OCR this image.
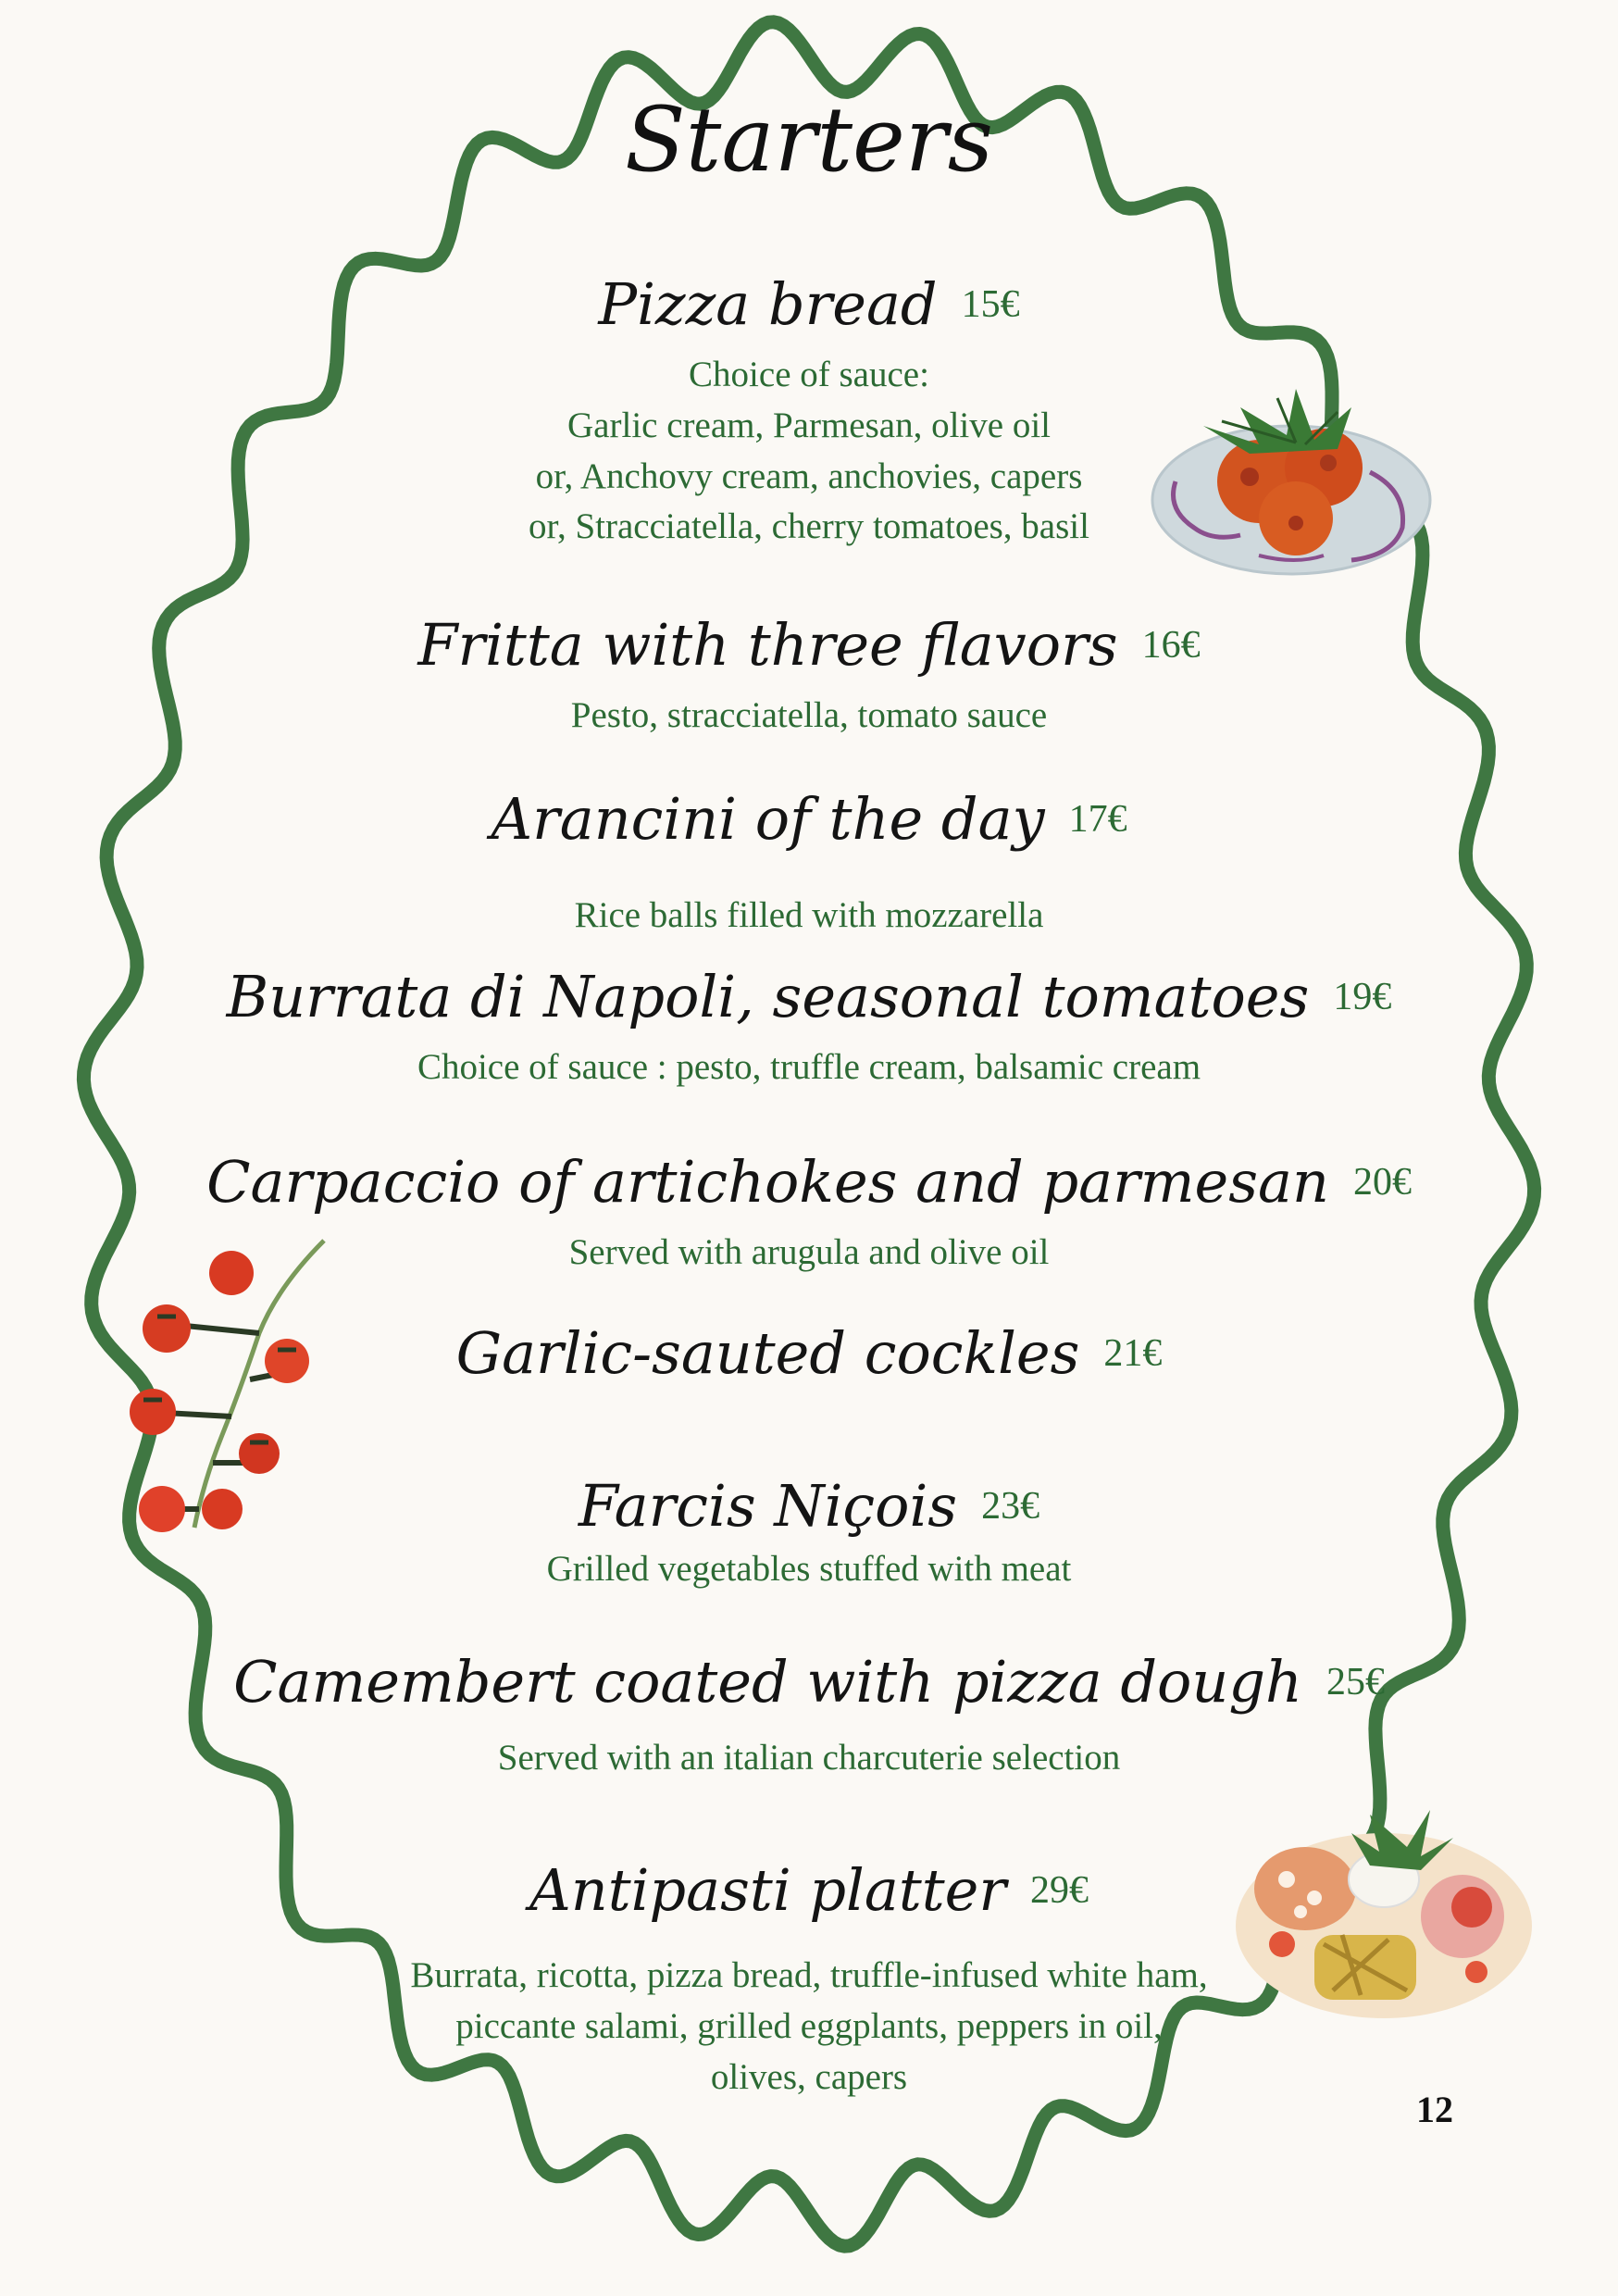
Starters
Pizza bread 15€
Choice of sauce:
Garlic cream, Parmesan, olive oil
or, Anchovy cream, anchovies, capers
or, Stracciatella, cherry tomatoes, basil
Fritta with three flavors 16€
Pesto, stracciatella, tomato sauce
Arancini of the day 17€
Rice balls filled with mozzarella
Burrata di Napoli, seasonal tomatoes 19€
Choice of sauce : pesto, truffle cream, balsamic cream
Carpaccio of artichokes and parmesan 20€
Served with arugula and olive oil
Garlic-sauted cockles 21€
Farcis Niçois 23€
Grilled vegetables stuffed with meat
Camembert coated with pizza dough 25€
Served with an italian charcuterie selection
Antipasti platter 29€
Burrata, ricotta, pizza bread, truffle-infused white ham,
piccante salami, grilled eggplants, peppers in oil,
olives, capers
12
